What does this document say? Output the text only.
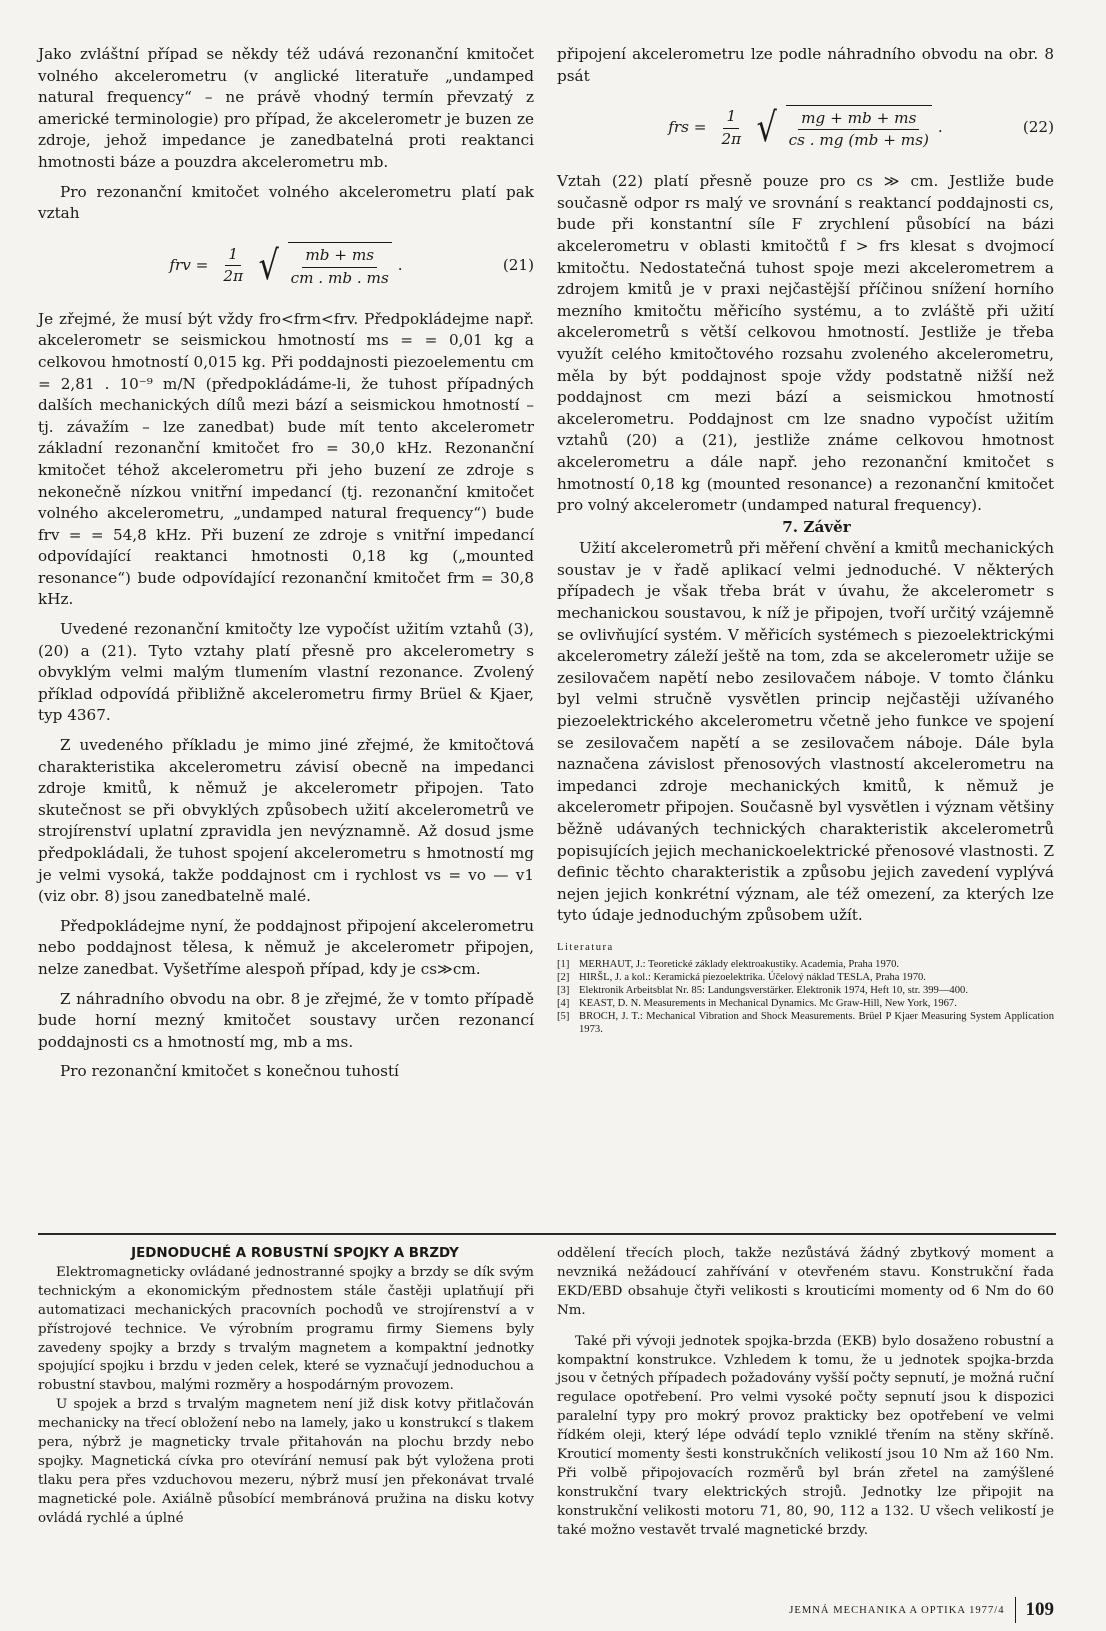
Jako zvláštní případ se někdy též udává rezonanční kmitočet volného akcelerometru (v anglické literatuře „undamped natural frequency“ – ne právě vhodný termín převzatý z americké terminologie) pro případ, že akcelerometr je buzen ze zdroje, jehož impedance je zanedbatelná proti reaktanci hmotnosti báze a pouzdra akcelerometru mb.

Pro rezonanční kmitočet volného akcelerometru platí pak vztah

frv = $\frac{1}{2\pi}$ √ $\frac{mb + ms}{cm . mb . ms}$ .	(21)

Je zřejmé, že musí být vždy fro<frm<frv. Předpokládejme např. akcelerometr se seismickou hmotností ms = = 0,01 kg a celkovou hmotností 0,015 kg. Při poddajnosti piezoelementu cm = 2,81 . 10⁻⁹ m/N (předpokládáme-li, že tuhost případných dalších mechanických dílů mezi bází a seismickou hmotností – tj. závažím – lze zanedbat) bude mít tento akcelerometr základní rezonanční kmitočet fro = 30,0 kHz. Rezonanční kmitočet téhož akcelerometru při jeho buzení ze zdroje s nekonečně nízkou vnitřní impedancí (tj. rezonanční kmitočet volného akcelerometru, „undamped natural frequency“) bude frv = = 54,8 kHz. Při buzení ze zdroje s vnitřní impedancí odpovídající reaktanci hmotnosti 0,18 kg („mounted resonance“) bude odpovídající rezonanční kmitočet frm = 30,8 kHz.

Uvedené rezonanční kmitočty lze vypočíst užitím vztahů (3), (20) a (21). Tyto vztahy platí přesně pro akcelerometry s obvyklým velmi malým tlumením vlastní rezonance. Zvolený příklad odpovídá přibližně akcelerometru firmy Brüel & Kjaer, typ 4367.

Z uvedeného příkladu je mimo jiné zřejmé, že kmitočtová charakteristika akcelerometru závisí obecně na impedanci zdroje kmitů, k němuž je akcelerometr připojen. Tato skutečnost se při obvyklých způsobech užití akcelerometrů ve strojírenství uplatní zpravidla jen nevýznamně. Až dosud jsme předpokládali, že tuhost spojení akcelerometru s hmotností mg je velmi vysoká, takže poddajnost cm i rychlost vs = vo — v1 (viz obr. 8) jsou zanedbatelně malé.

Předpokládejme nyní, že poddajnost připojení akcelerometru nebo poddajnost tělesa, k němuž je akcelerometr připojen, nelze zanedbat. Vyšetříme alespoň případ, kdy je cs≫cm.

Z náhradního obvodu na obr. 8 je zřejmé, že v tomto případě bude horní mezný kmitočet soustavy určen rezonancí poddajnosti cs a hmotností mg, mb a ms.

Pro rezonanční kmitočet s konečnou tuhostí

připojení akcelerometru lze podle náhradního obvodu na obr. 8 psát

frs = $\frac{1}{2\pi}$ √ $\frac{mg + mb + ms}{cs . mg (mb + ms)}$ .	(22)

Vztah (22) platí přesně pouze pro cs ≫ cm. Jestliže bude současně odpor rs malý ve srovnání s reaktancí poddajnosti cs, bude při konstantní síle F zrychlení působící na bázi akcelerometru v oblasti kmitočtů f > frs klesat s dvojmocí kmitočtu. Nedostatečná tuhost spoje mezi akcelerometrem a zdrojem kmitů je v praxi nejčastější příčinou snížení horního mezního kmitočtu měřicího systému, a to zvláště při užití akcelerometrů s větší celkovou hmotností. Jestliže je třeba využít celého kmitočtového rozsahu zvoleného akcelerometru, měla by být poddajnost spoje vždy podstatně nižší než poddajnost cm mezi bází a seismickou hmotností akcelerometru. Poddajnost cm lze snadno vypočíst užitím vztahů (20) a (21), jestliže známe celkovou hmotnost akcelerometru a dále např. jeho rezonanční kmitočet s hmotností 0,18 kg (mounted resonance) a rezonanční kmitočet pro volný akcelerometr (undamped natural frequency).

7. Závěr

Užití akcelerometrů při měření chvění a kmitů mechanických soustav je v řadě aplikací velmi jednoduché. V některých případech je však třeba brát v úvahu, že akcelerometr s mechanickou soustavou, k níž je připojen, tvoří určitý vzájemně se ovlivňující systém. V měřicích systémech s piezoelektrickými akcelerometry záleží ještě na tom, zda se akcelerometr užije se zesilovačem napětí nebo zesilovačem náboje. V tomto článku byl velmi stručně vysvětlen princip nejčastěji užívaného piezoelektrického akcelerometru včetně jeho funkce ve spojení se zesilovačem napětí a se zesilovačem náboje. Dále byla naznačena závislost přenosových vlastností akcelerometru na impedanci zdroje mechanických kmitů, k němuž je akcelerometr připojen. Současně byl vysvětlen i význam většiny běžně udávaných technických charakteristik akcelerometrů popisujících jejich mechanickoelektrické přenosové vlastnosti. Z definic těchto charakteristik a způsobu jejich zavedení vyplývá nejen jejich konkrétní význam, ale též omezení, za kterých lze tyto údaje jednoduchým způsobem užít.

Literatura
[1] MERHAUT, J.: Teoretické základy elektroakustiky. Academia, Praha 1970.
[2] HIRŠL, J. a kol.: Keramická piezoelektrika. Účelový náklad TESLA, Praha 1970.
[3] Elektronik Arbeitsblat Nr. 85: Landungsverstärker. Elektronik 1974, Heft 10, str. 399—400.
[4] KEAST, D. N. Measurements in Mechanical Dynamics. Mc Graw-Hill, New York, 1967.
[5] BROCH, J. T.: Mechanical Vibration and Shock Measurements. Brüel P Kjaer Measuring System Application 1973.

JEDNODUCHÉ A ROBUSTNÍ SPOJKY A BRZDY

Elektromagneticky ovládané jednostranné spojky a brzdy se dík svým technickým a ekonomickým přednostem stále častěji uplatňují při automatizaci mechanických pracovních pochodů ve strojírenství a v přístrojové technice. Ve výrobním programu firmy Siemens byly zavedeny spojky a brzdy s trvalým magnetem a kompaktní jednotky spojující spojku i brzdu v jeden celek, které se vyznačují jednoduchou a robustní stavbou, malými rozměry a hospodárným provozem.

U spojek a brzd s trvalým magnetem není již disk kotvy přitlačován mechanicky na třecí obložení nebo na lamely, jako u konstrukcí s tlakem pera, nýbrž je magneticky trvale přitahován na plochu brzdy nebo spojky. Magnetická cívka pro otevírání nemusí pak být vyložena proti tlaku pera přes vzduchovou mezeru, nýbrž musí jen překonávat trvalé magnetické pole. Axiálně působící membránová pružina na disku kotvy ovládá rychlé a úplné

oddělení třecích ploch, takže nezůstává žádný zbytkový moment a nevzniká nežádoucí zahřívání v otevřeném stavu. Konstrukční řada EKD/EBD obsahuje čtyři velikosti s krouticími momenty od 6 Nm do 60 Nm.

Také při vývoji jednotek spojka-brzda (EKB) bylo dosaženo robustní a kompaktní konstrukce. Vzhledem k tomu, že u jednotek spojka-brzda jsou v četných případech požadovány vyšší počty sepnutí, je možná ruční regulace opotřebení. Pro velmi vysoké počty sepnutí jsou k dispozici paralelní typy pro mokrý provoz prakticky bez opotřebení ve velmi řídkém oleji, který lépe odvádí teplo vzniklé třením na stěny skříně. Krouticí momenty šesti konstrukčních velikostí jsou 10 Nm až 160 Nm. Při volbě připojovacích rozměrů byl brán zřetel na zamýšlené konstrukční tvary elektrických strojů. Jednotky lze připojit na konstrukční velikosti motoru 71, 80, 90, 112 a 132. U všech velikostí je také možno vestavět trvalé magnetické brzdy.

JEMNÁ MECHANIKA A OPTIKA 1977/4 109
